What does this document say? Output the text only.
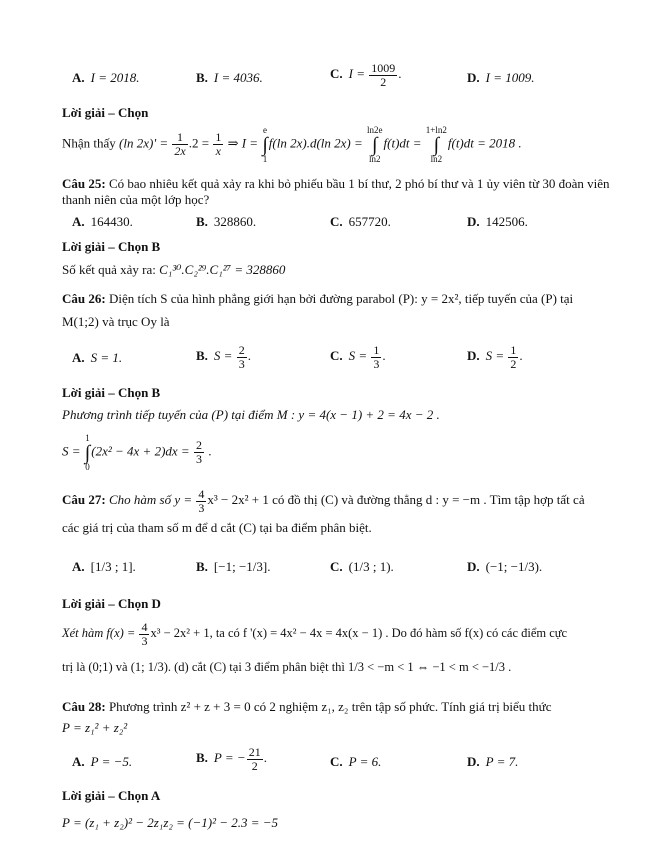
A. I = 2018.	B. I = 4036.	C. $I = \frac{1009}{2}$ .	D. I = 1009.
Lời giải – Chọn
Nhận thấy (ln $2x)' = \frac{1}{2x} .2 = \frac{1}{x}$ ⇒ I = e
∫
1f(ln 2x).d(ln 2x) = ln2e
∫
ln2f(t)dt = 1+ln2
∫
ln2f(t)dt = 2018 .
Câu 25: Có bao nhiêu kết quả xảy ra khi bỏ phiếu bầu 1 bí thư, 2 phó bí thư và 1 ủy viên từ 30 đoàn viên thanh niên của một lớp học?
A. 164430.	B. 328860.	C. 657720.	D. 142506.
Lời giải – Chọn B
Số kết quả xảy ra: C₁³⁰.C₂²⁹.C₁²⁷ = 328860
Câu 26: Diện tích S của hình phẳng giới hạn bởi đường parabol (P): y = 2x², tiếp tuyến của (P) tại
M(1;2) và trục Oy là
A. S = 1.	B. $S = \frac{2}{3}$ .	C. $S = \frac{1}{3}$ .	D. $S = \frac{1}{2}$ .
Lời giải – Chọn B
Phương trình tiếp tuyến của (P) tại điểm M : y = 4(x − 1) + 2 = 4x − 2 .
S = 1
∫
$0(2x^2 - 4x + 2)dx = \frac{2}{3}$ .
Câu 27: Cho hàm số $y = \frac{4}{3} x^3 - 2x^2 + 1$ có đồ thị (C) và đường thẳng d : y = −m . Tìm tập hợp tất cả
các giá trị của tham số m để d cắt (C) tại ba điểm phân biệt.
A. [1/3 ; 1].	B. [−1; −1/3].	C. (1/3 ; 1).	D. (−1; −1/3).
Lời giải – Chọn D
Xét hàm $f(x) = \frac{4}{3} x^3 - 2x^2 + 1$, ta có f '(x) = 4x² − 4x = 4x(x − 1) . Do đó hàm số f(x) có các điểm cực
trị là (0;1) và (1; 1/3). (d) cắt (C) tại 3 điểm phân biệt thì 1/3 < −m < 1 ⇔ −1 < m < −1/3 .
Câu 28: Phương trình z² + z + 3 = 0 có 2 nghiệm z₁, z₂ trên tập số phức. Tính giá trị biểu thức
P = z₁² + z₂²
A. P = −5.	B. P = − $\frac{21}{2}$ .	C. P = 6.	D. P = 7.
Lời giải – Chọn A
P = (z₁ + z₂)² − 2z₁z₂ = (−1)² − 2.3 = −5
